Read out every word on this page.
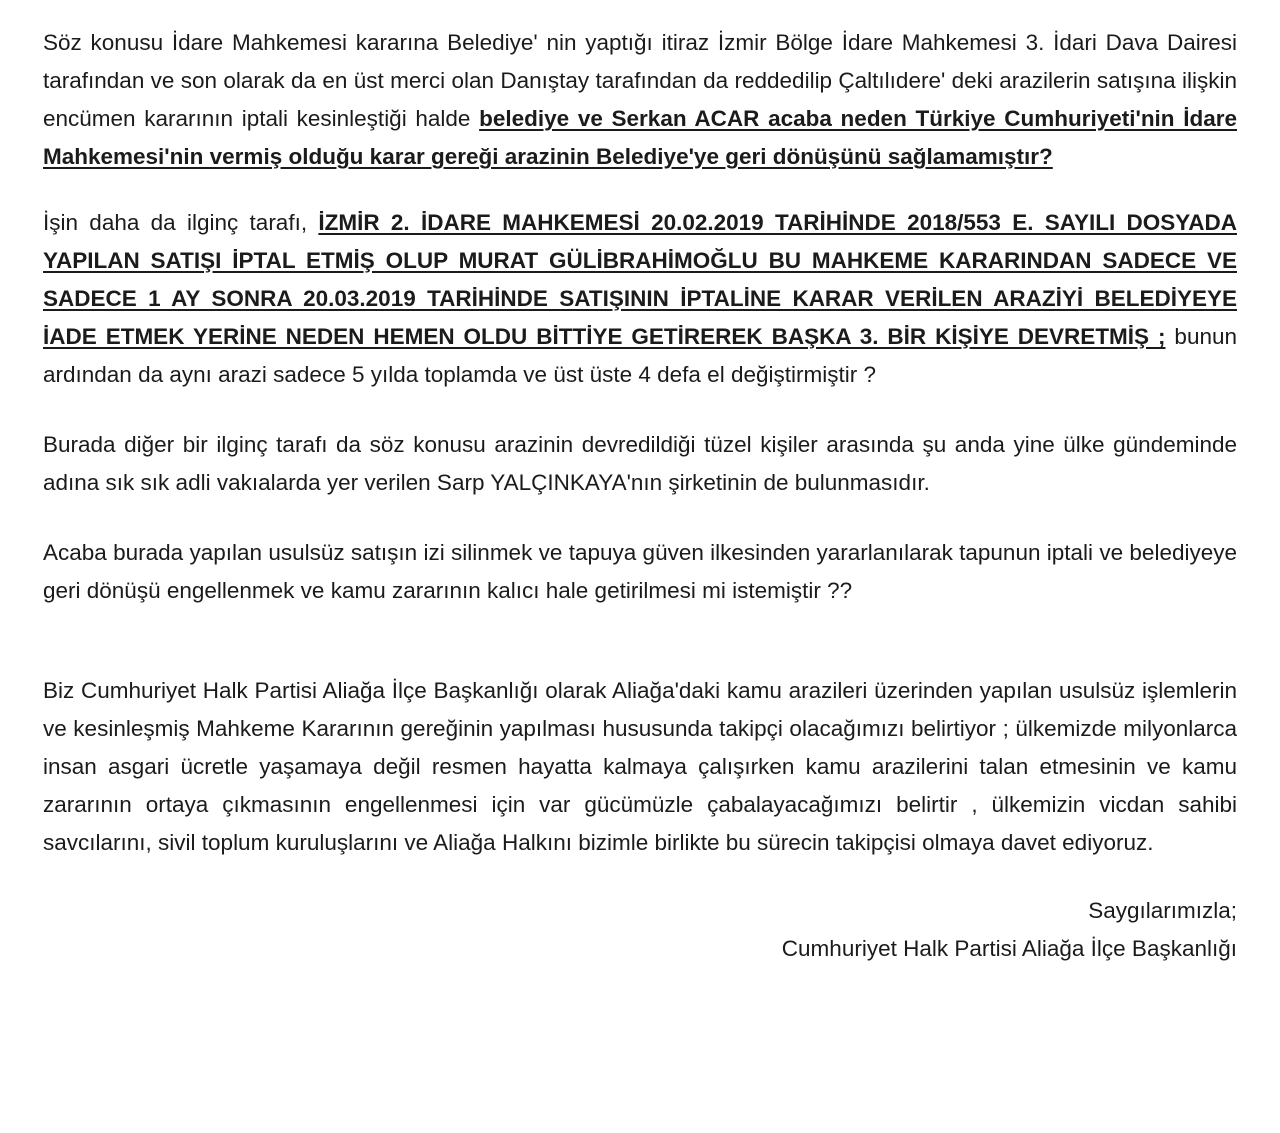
Söz konusu İdare Mahkemesi kararına Belediye' nin yaptığı itiraz İzmir Bölge İdare Mahkemesi 3. İdari Dava Dairesi tarafından ve son olarak da en üst merci olan Danıştay tarafından da reddedilip Çaltılıdere' deki arazilerin satışına ilişkin encümen kararının iptali kesinleştiği halde belediye ve Serkan ACAR acaba neden Türkiye Cumhuriyeti'nin İdare Mahkemesi'nin vermiş olduğu karar gereği arazinin Belediye'ye geri dönüşünü sağlamamıştır?

İşin daha da ilginç tarafı, İZMİR 2. İDARE MAHKEMESİ 20.02.2019 TARİHİNDE 2018/553 E. SAYILI DOSYADA YAPILAN SATIŞI İPTAL ETMİŞ OLUP MURAT GÜLİBRAHİMOĞLU BU MAHKEME KARARINDAN SADECE VE SADECE 1 AY SONRA 20.03.2019 TARİHİNDE SATIŞININ İPTALİNE KARAR VERİLEN ARAZİYİ BELEDİYEYE İADE ETMEK YERİNE NEDEN HEMEN OLDU BİTTİYE GETİREREK BAŞKA 3. BİR KİŞİYE DEVRETMİŞ ; bunun ardından da aynı arazi sadece 5 yılda toplamda ve üst üste 4 defa el değiştirmiştir ?

Burada diğer bir ilginç tarafı da söz konusu arazinin devredildiği tüzel kişiler arasında şu anda yine ülke gündeminde adına sık sık adli vakıalarda yer verilen Sarp YALÇINKAYA'nın şirketinin de bulunmasıdır.

Acaba burada yapılan usulsüz satışın izi silinmek ve tapuya güven ilkesinden yararlanılarak tapunun iptali ve belediyeye geri dönüşü engellenmek ve kamu zararının kalıcı hale getirilmesi mi istemiştir ??

Biz Cumhuriyet Halk Partisi Aliağa İlçe Başkanlığı olarak Aliağa'daki kamu arazileri üzerinden yapılan usulsüz işlemlerin ve kesinleşmiş Mahkeme Kararının gereğinin yapılması hususunda takipçi olacağımızı belirtiyor ; ülkemizde milyonlarca insan asgari ücretle yaşamaya değil resmen hayatta kalmaya çalışırken kamu arazilerini talan etmesinin ve kamu zararının ortaya çıkmasının engellenmesi için var gücümüzle çabalayacağımızı belirtir , ülkemizin vicdan sahibi savcılarını, sivil toplum kuruluşlarını ve Aliağa Halkını bizimle birlikte bu sürecin takipçisi olmaya davet ediyoruz.

Saygılarımızla;
Cumhuriyet Halk Partisi Aliağa İlçe Başkanlığı
